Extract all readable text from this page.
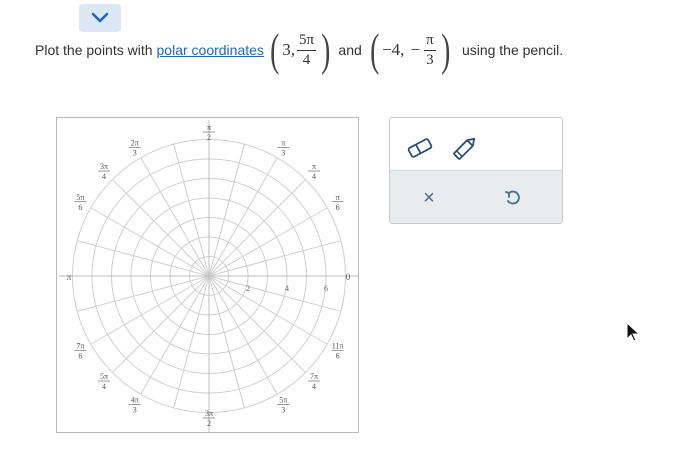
Plot the points with polar coordinates ( 3, $\frac{5\pi}{4}$ ) and ( −4, − $\frac{\pi}{3}$ ) using the pencil.
2	4	6
0
π
6
π
4
π
3
π
2
2π
3
3π
4
5π
6
π
7π
6
5π
4
4π
3	3π
2
5π
3
7π
4
11π
6
×
